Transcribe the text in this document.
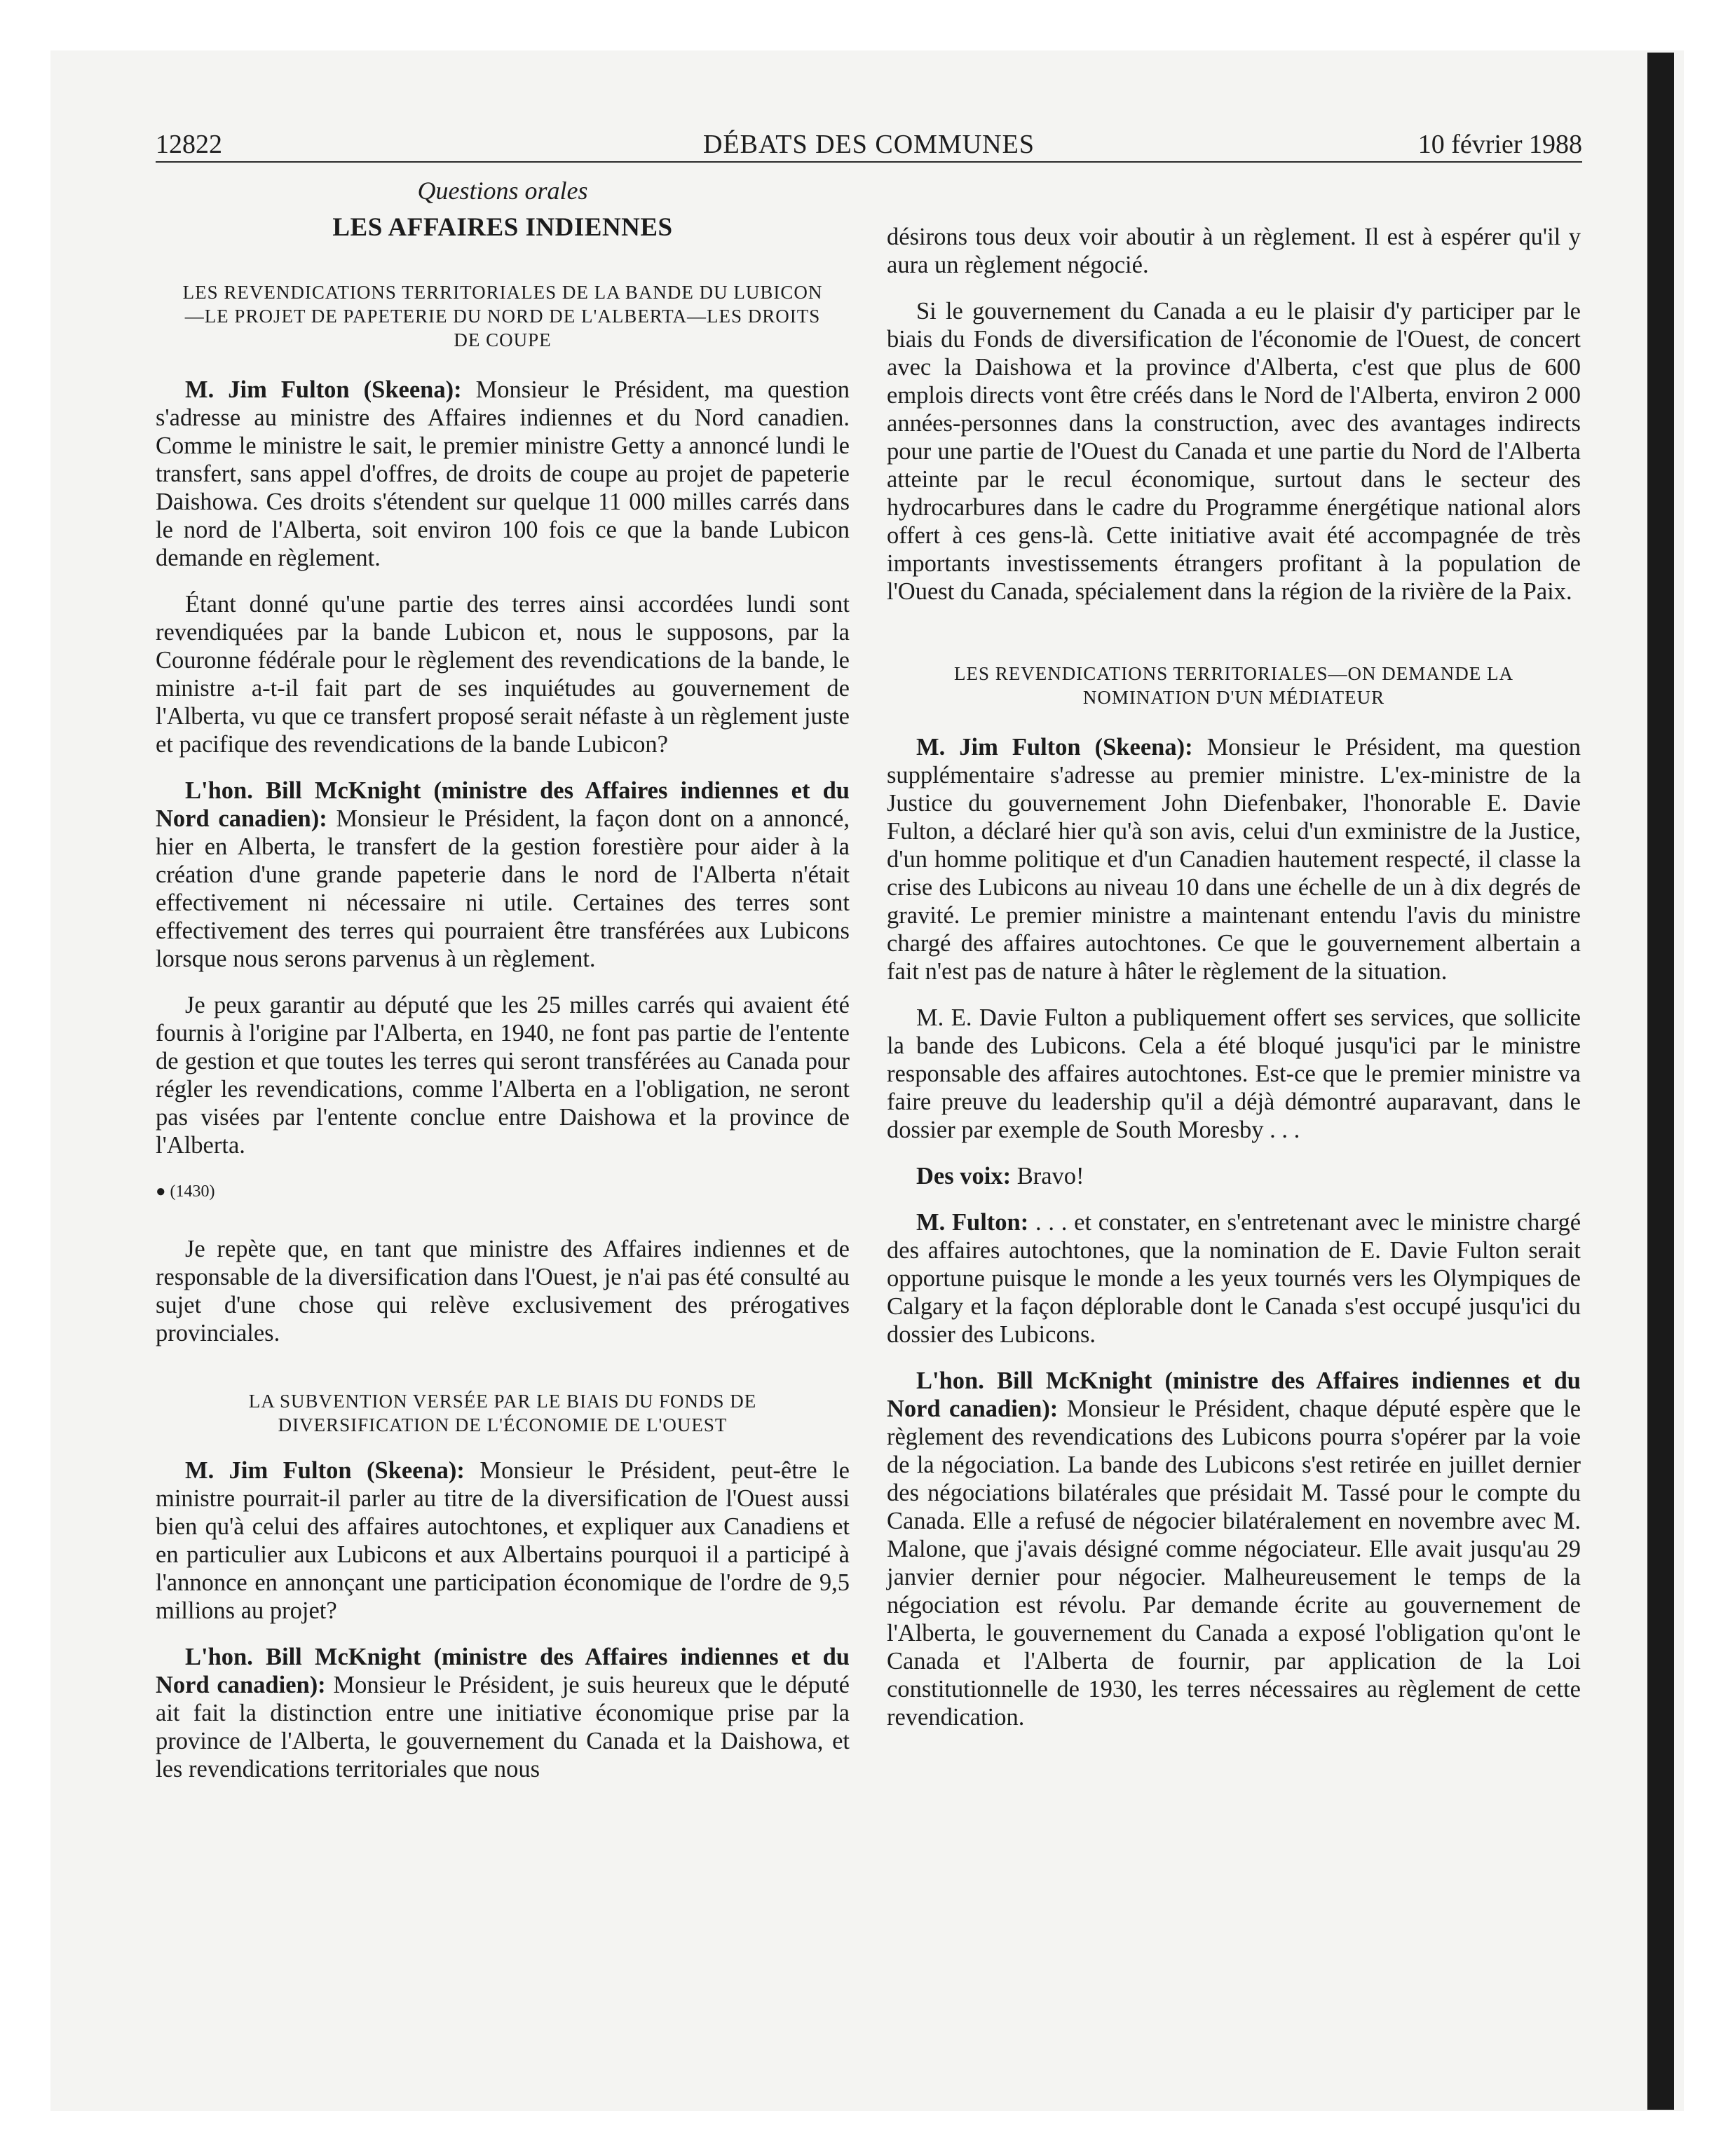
12822	DÉBATS DES COMMUNES	10 février 1988

Questions orales

LES AFFAIRES INDIENNES

LES REVENDICATIONS TERRITORIALES DE LA BANDE DU LUBICON—LE PROJET DE PAPETERIE DU NORD DE L'ALBERTA—LES DROITS DE COUPE

M. Jim Fulton (Skeena): Monsieur le Président, ma question s'adresse au ministre des Affaires indiennes et du Nord canadien. Comme le ministre le sait, le premier ministre Getty a annoncé lundi le transfert, sans appel d'offres, de droits de coupe au projet de papeterie Daishowa. Ces droits s'étendent sur quelque 11 000 milles carrés dans le nord de l'Alberta, soit environ 100 fois ce que la bande Lubicon demande en règlement.

Étant donné qu'une partie des terres ainsi accordées lundi sont revendiquées par la bande Lubicon et, nous le supposons, par la Couronne fédérale pour le règlement des revendications de la bande, le ministre a-t-il fait part de ses inquiétudes au gouvernement de l'Alberta, vu que ce transfert proposé serait néfaste à un règlement juste et pacifique des revendications de la bande Lubicon?

L'hon. Bill McKnight (ministre des Affaires indiennes et du Nord canadien): Monsieur le Président, la façon dont on a annoncé, hier en Alberta, le transfert de la gestion forestière pour aider à la création d'une grande papeterie dans le nord de l'Alberta n'était effectivement ni nécessaire ni utile. Certaines des terres sont effectivement des terres qui pourraient être transférées aux Lubicons lorsque nous serons parvenus à un règlement.

Je peux garantir au député que les 25 milles carrés qui avaient été fournis à l'origine par l'Alberta, en 1940, ne font pas partie de l'entente de gestion et que toutes les terres qui seront transférées au Canada pour régler les revendications, comme l'Alberta en a l'obligation, ne seront pas visées par l'entente conclue entre Daishowa et la province de l'Alberta.

● (1430)

Je repète que, en tant que ministre des Affaires indiennes et de responsable de la diversification dans l'Ouest, je n'ai pas été consulté au sujet d'une chose qui relève exclusivement des prérogatives provinciales.

LA SUBVENTION VERSÉE PAR LE BIAIS DU FONDS DE DIVERSIFICATION DE L'ÉCONOMIE DE L'OUEST

M. Jim Fulton (Skeena): Monsieur le Président, peut-être le ministre pourrait-il parler au titre de la diversification de l'Ouest aussi bien qu'à celui des affaires autochtones, et expliquer aux Canadiens et en particulier aux Lubicons et aux Albertains pourquoi il a participé à l'annonce en annonçant une participation économique de l'ordre de 9,5 millions au projet?

L'hon. Bill McKnight (ministre des Affaires indiennes et du Nord canadien): Monsieur le Président, je suis heureux que le député ait fait la distinction entre une initiative économique prise par la province de l'Alberta, le gouvernement du Canada et la Daishowa, et les revendications territoriales que nous

désirons tous deux voir aboutir à un règlement. Il est à espérer qu'il y aura un règlement négocié.

Si le gouvernement du Canada a eu le plaisir d'y participer par le biais du Fonds de diversification de l'économie de l'Ouest, de concert avec la Daishowa et la province d'Alberta, c'est que plus de 600 emplois directs vont être créés dans le Nord de l'Alberta, environ 2 000 années-personnes dans la construction, avec des avantages indirects pour une partie de l'Ouest du Canada et une partie du Nord de l'Alberta atteinte par le recul économique, surtout dans le secteur des hydrocarbures dans le cadre du Programme énergétique national alors offert à ces gens-là. Cette initiative avait été accompagnée de très importants investissements étrangers profitant à la population de l'Ouest du Canada, spécialement dans la région de la rivière de la Paix.

LES REVENDICATIONS TERRITORIALES—ON DEMANDE LA NOMINATION D'UN MÉDIATEUR

M. Jim Fulton (Skeena): Monsieur le Président, ma question supplémentaire s'adresse au premier ministre. L'ex-ministre de la Justice du gouvernement John Diefenbaker, l'honorable E. Davie Fulton, a déclaré hier qu'à son avis, celui d'un exministre de la Justice, d'un homme politique et d'un Canadien hautement respecté, il classe la crise des Lubicons au niveau 10 dans une échelle de un à dix degrés de gravité. Le premier ministre a maintenant entendu l'avis du ministre chargé des affaires autochtones. Ce que le gouvernement albertain a fait n'est pas de nature à hâter le règlement de la situation.

M. E. Davie Fulton a publiquement offert ses services, que sollicite la bande des Lubicons. Cela a été bloqué jusqu'ici par le ministre responsable des affaires autochtones. Est-ce que le premier ministre va faire preuve du leadership qu'il a déjà démontré auparavant, dans le dossier par exemple de South Moresby . . .

Des voix: Bravo!

M. Fulton: . . . et constater, en s'entretenant avec le ministre chargé des affaires autochtones, que la nomination de E. Davie Fulton serait opportune puisque le monde a les yeux tournés vers les Olympiques de Calgary et la façon déplorable dont le Canada s'est occupé jusqu'ici du dossier des Lubicons.

L'hon. Bill McKnight (ministre des Affaires indiennes et du Nord canadien): Monsieur le Président, chaque député espère que le règlement des revendications des Lubicons pourra s'opérer par la voie de la négociation. La bande des Lubicons s'est retirée en juillet dernier des négociations bilatérales que présidait M. Tassé pour le compte du Canada. Elle a refusé de négocier bilatéralement en novembre avec M. Malone, que j'avais désigné comme négociateur. Elle avait jusqu'au 29 janvier dernier pour négocier. Malheureusement le temps de la négociation est révolu. Par demande écrite au gouvernement de l'Alberta, le gouvernement du Canada a exposé l'obligation qu'ont le Canada et l'Alberta de fournir, par application de la Loi constitutionnelle de 1930, les terres nécessaires au règlement de cette revendication.
